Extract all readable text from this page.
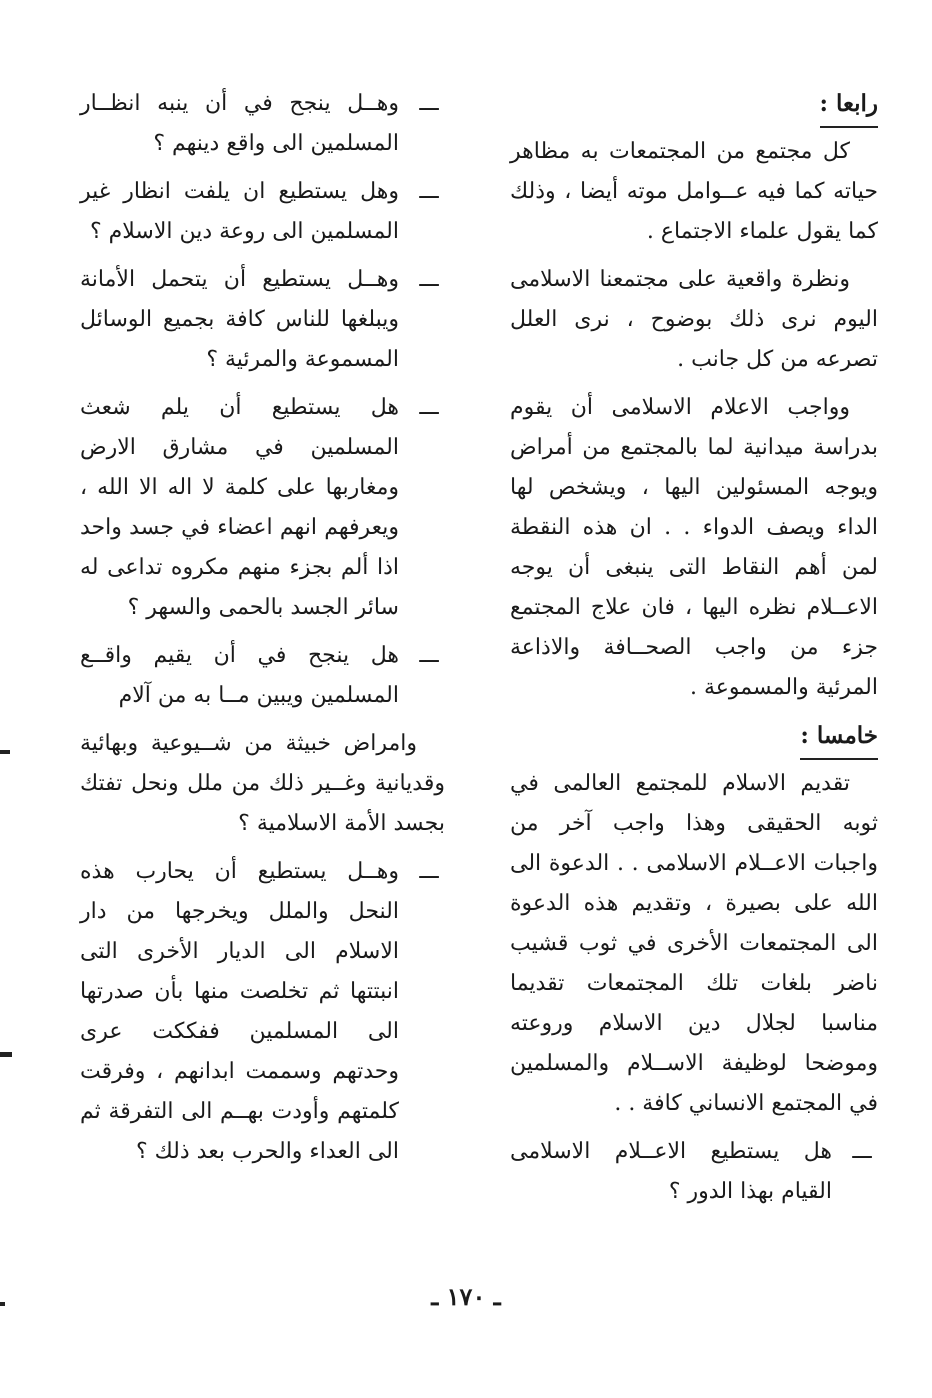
رابعا :

كل مجتمع من المجتمعات به مظاهر حياته كما فيه عــوامل موته أيضا ، وذلك كما يقول علماء الاجتماع .

ونظرة واقعية على مجتمعنا الاسلامى اليوم نرى ذلك بوضوح ، نرى العلل تصرعه من كل جانب .

وواجب الاعلام الاسلامى أن يقوم بدراسة ميدانية لما بالمجتمع من أمراض ويوجه المسئولين اليها ، ويشخص لها الداء ويصف الدواء . . ان هذه النقطة لمن أهم النقاط التى ينبغى أن يوجه الاعــلام نظره اليها ، فان علاج المجتمع جزء من واجب الصحــافة والاذاعة المرئية والمسموعة .

خامسا :

تقديم الاسلام للمجتمع العالمى في ثوبه الحقيقى وهذا واجب آخر من واجبات الاعــلام الاسلامى . . الدعوة الى الله على بصيرة ، وتقديم هذه الدعوة الى المجتمعات الأخرى في ثوب قشيب ناضر بلغات تلك المجتمعات تقديما مناسبا لجلال دين الاسلام وروعته وموضحا لوظيفة الاســلام والمسلمين في المجتمع الانساني كافة . .

ـــ
هل يستطيع الاعــلام الاسلامى القيام بهذا الدور ؟
ـــ
وهــل ينجح في أن ينبه انظــار المسلمين الى واقع دينهم ؟
ـــ
وهل يستطيع ان يلفت انظار غير المسلمين الى روعة دين الاسلام ؟
ـــ
وهــل يستطيع أن يتحمل الأمانة ويبلغها للناس كافة بجميع الوسائل المسموعة والمرئية ؟
ـــ
هل يستطيع أن يلم شعث المسلمين في مشارق الارض ومغاربها على كلمة لا اله الا الله ، ويعرفهم انهم اعضاء في جسد واحد اذا ألم بجزء منهم مكروه تداعى له سائر الجسد بالحمى والسهر ؟
ـــ
هل ينجح في أن يقيم واقــع المسلمين ويبين مــا به من آلام

وامراض خبيثة من شــيوعية وبهائية وقديانية وغــير ذلك من ملل ونحل تفتك بجسد الأمة الاسلامية ؟

ـــ
وهــل يستطيع أن يحارب هذه النحل والملل ويخرجها من دار الاسلام الى الديار الأخرى التى انبتتها ثم تخلصت منها بأن صدرتها الى المسلمين ففككت عرى وحدتهم وسممت ابدانهم ، وفرقت كلمتهم وأودت بهــم الى التفرقة ثم الى العداء والحرب بعد ذلك ؟
ـ ١٧٠ ـ
